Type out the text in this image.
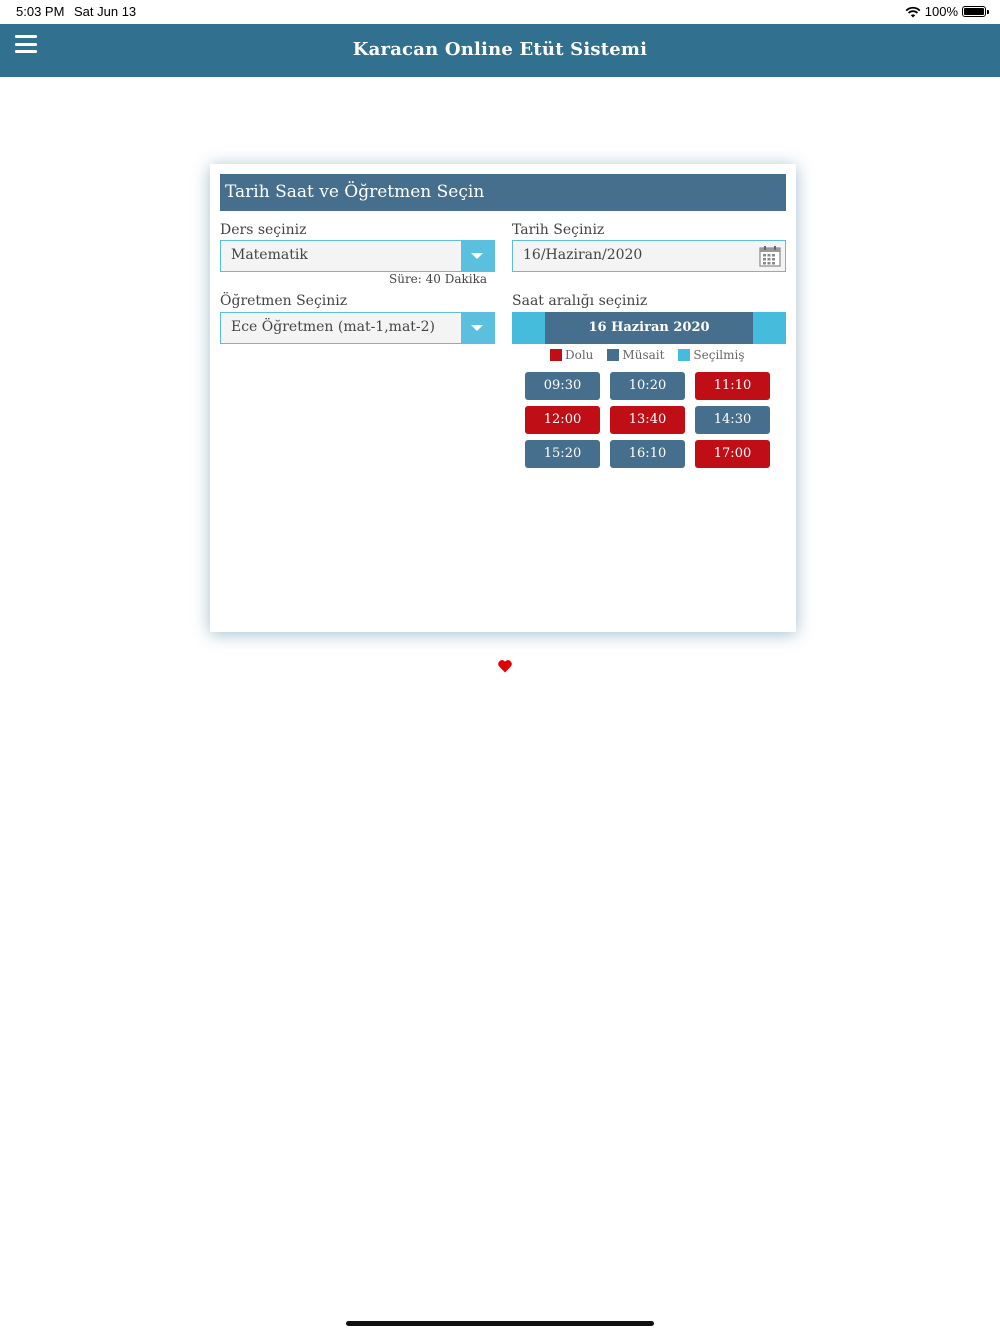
5:03 PM Sat Jun 13	100%
Karacan Online Etüt Sistemi
Tarih Saat ve Öğretmen Seçin
Ders seçiniz
Matematik
Süre: 40 Dakika
Öğretmen Seçiniz
Ece Öğretmen (mat-1,mat-2)
Tarih Seçiniz
16/Haziran/2020
Saat aralığı seçiniz
16 Haziran 2020
Dolu Müsait Seçilmiş
09:30	10:20	11:10
12:00	13:40	14:30
15:20	16:10	17:00
